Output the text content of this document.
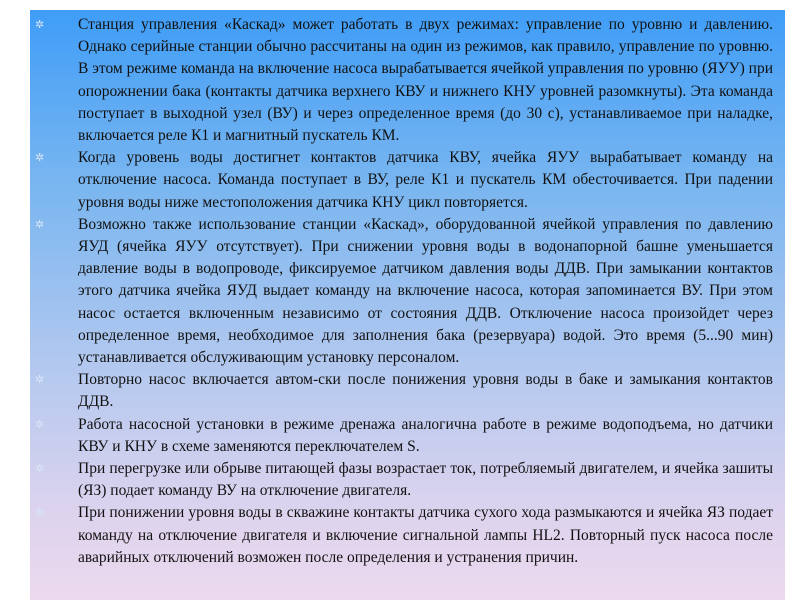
✲ Станция управления «Каскад» может работать в двух режимах: управление по уровню и давлению. Однако серийные станции обычно рассчитаны на один из режимов, как правило, управление по уровню. В этом режиме команда на включение насоса вырабатывается ячейкой управления по уровню (ЯУУ) при опорожнении бака (контакты датчика верхнего КВУ и нижнего КНУ уровней разомкнуты). Эта команда поступает в выходной узел (ВУ) и через определенное время (до 30 с), устанавливаемое при наладке, включается реле К1 и магнитный пускатель КМ.
✲ Когда уровень воды достигнет контактов датчика КВУ, ячейка ЯУУ вырабатывает команду на отключение насоса. Команда поступает в ВУ, реле К1 и пускатель КМ обесточивается. При падении уровня воды ниже местоположения датчика КНУ цикл повторяется.
✲ Возможно также использование станции «Каскад», оборудованной ячейкой управления по давлению ЯУД (ячейка ЯУУ отсутствует). При снижении уровня воды в водонапорной башне уменьшается давление воды в водопроводе, фиксируемое датчиком давления воды ДДВ. При замыкании контактов этого датчика ячейка ЯУД выдает команду на включение насоса, которая запоминается ВУ. При этом насос остается включенным независимо от состояния ДДВ. Отключение насоса произойдет через определенное время, необходимое для заполнения бака (резервуара) водой. Это время (5...90 мин) устанавливается обслуживающим установку персоналом.
✲ Повторно насос включается автом-ски после понижения уровня воды в баке и замыкания контактов ДДВ.
✲ Работа насосной установки в режиме дренажа аналогична работе в режиме водоподъема, но датчики КВУ и КНУ в схеме заменяются переключателем S.
✲ При перегрузке или обрыве питающей фазы возрастает ток, потребляемый двигателем, и ячейка зашиты (ЯЗ) подает команду ВУ на отключение двигателя.
✲ При понижении уровня воды в скважине контакты датчика сухого хода размыкаются и ячейка ЯЗ подает команду на отключение двигателя и включение сигнальной лампы HL2. Повторный пуск насоса после аварийных отключений возможен после определения и устранения причин.
